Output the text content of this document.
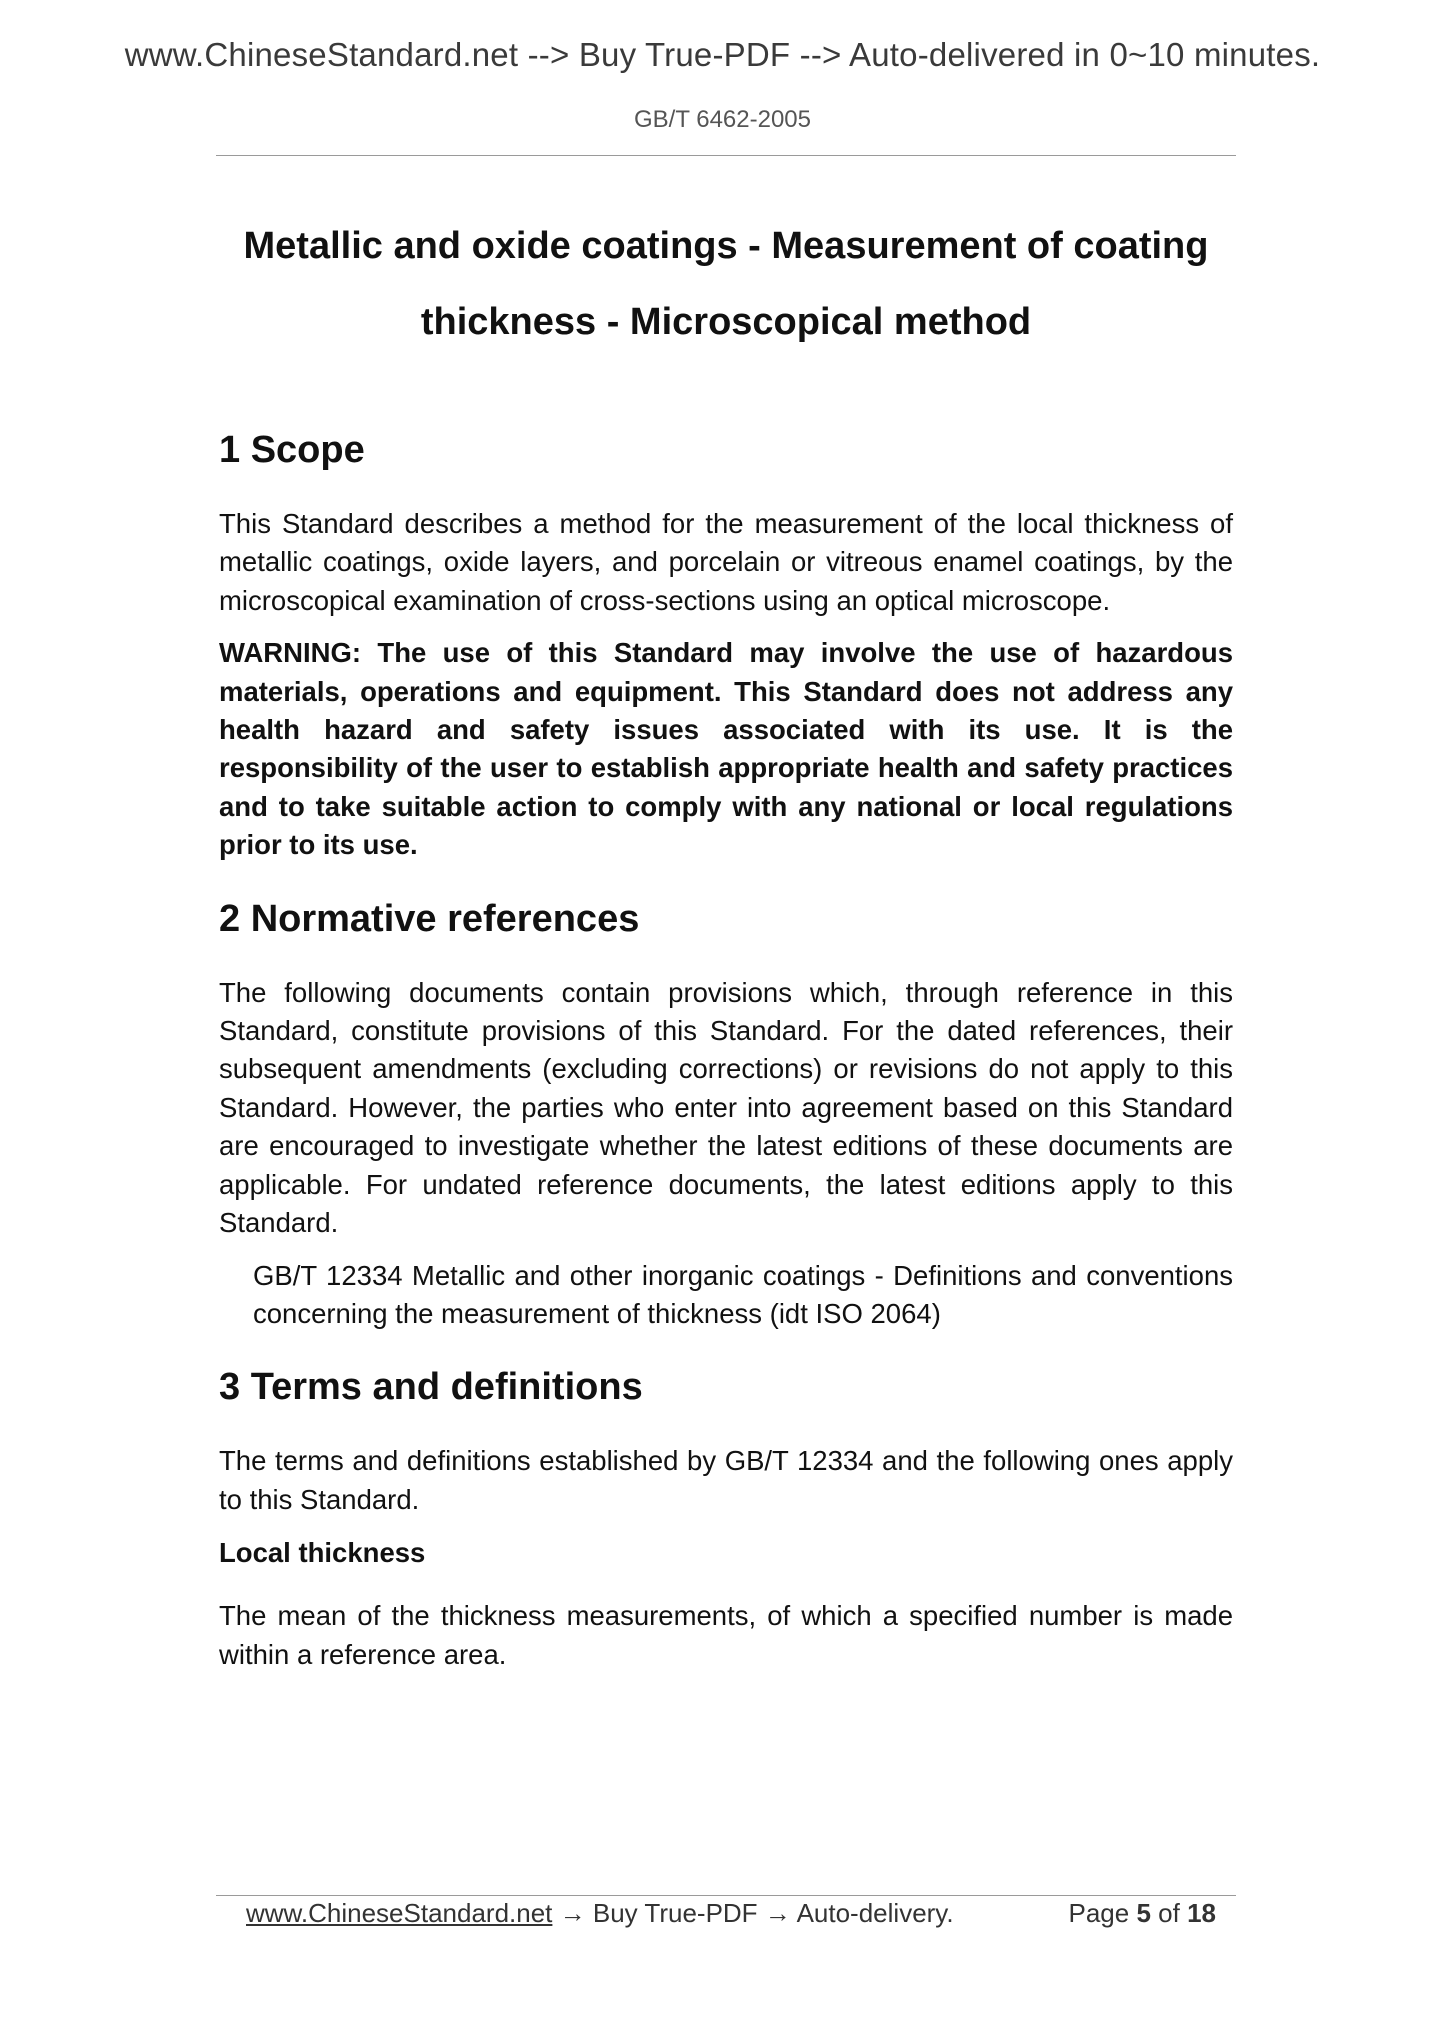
www.ChineseStandard.net --> Buy True-PDF --> Auto-delivered in 0~10 minutes.
GB/T 6462-2005
Metallic and oxide coatings - Measurement of coating
thickness - Microscopical method
1 Scope

This Standard describes a method for the measurement of the local thickness of metallic coatings, oxide layers, and porcelain or vitreous enamel coatings, by the microscopical examination of cross-sections using an optical microscope.

WARNING: The use of this Standard may involve the use of hazardous materials, operations and equipment. This Standard does not address any health hazard and safety issues associated with its use. It is the responsibility of the user to establish appropriate health and safety practices and to take suitable action to comply with any national or local regulations prior to its use.

2 Normative references

The following documents contain provisions which, through reference in this Standard, constitute provisions of this Standard. For the dated references, their subsequent amendments (excluding corrections) or revisions do not apply to this Standard. However, the parties who enter into agreement based on this Standard are encouraged to investigate whether the latest editions of these documents are applicable. For undated reference documents, the latest editions apply to this Standard.

GB/T 12334 Metallic and other inorganic coatings - Definitions and conventions concerning the measurement of thickness (idt ISO 2064)

3 Terms and definitions

The terms and definitions established by GB/T 12334 and the following ones apply to this Standard.

Local thickness

The mean of the thickness measurements, of which a specified number is made within a reference area.

www.ChineseStandard.net → Buy True-PDF → Auto-delivery.	Page 5 of 18
